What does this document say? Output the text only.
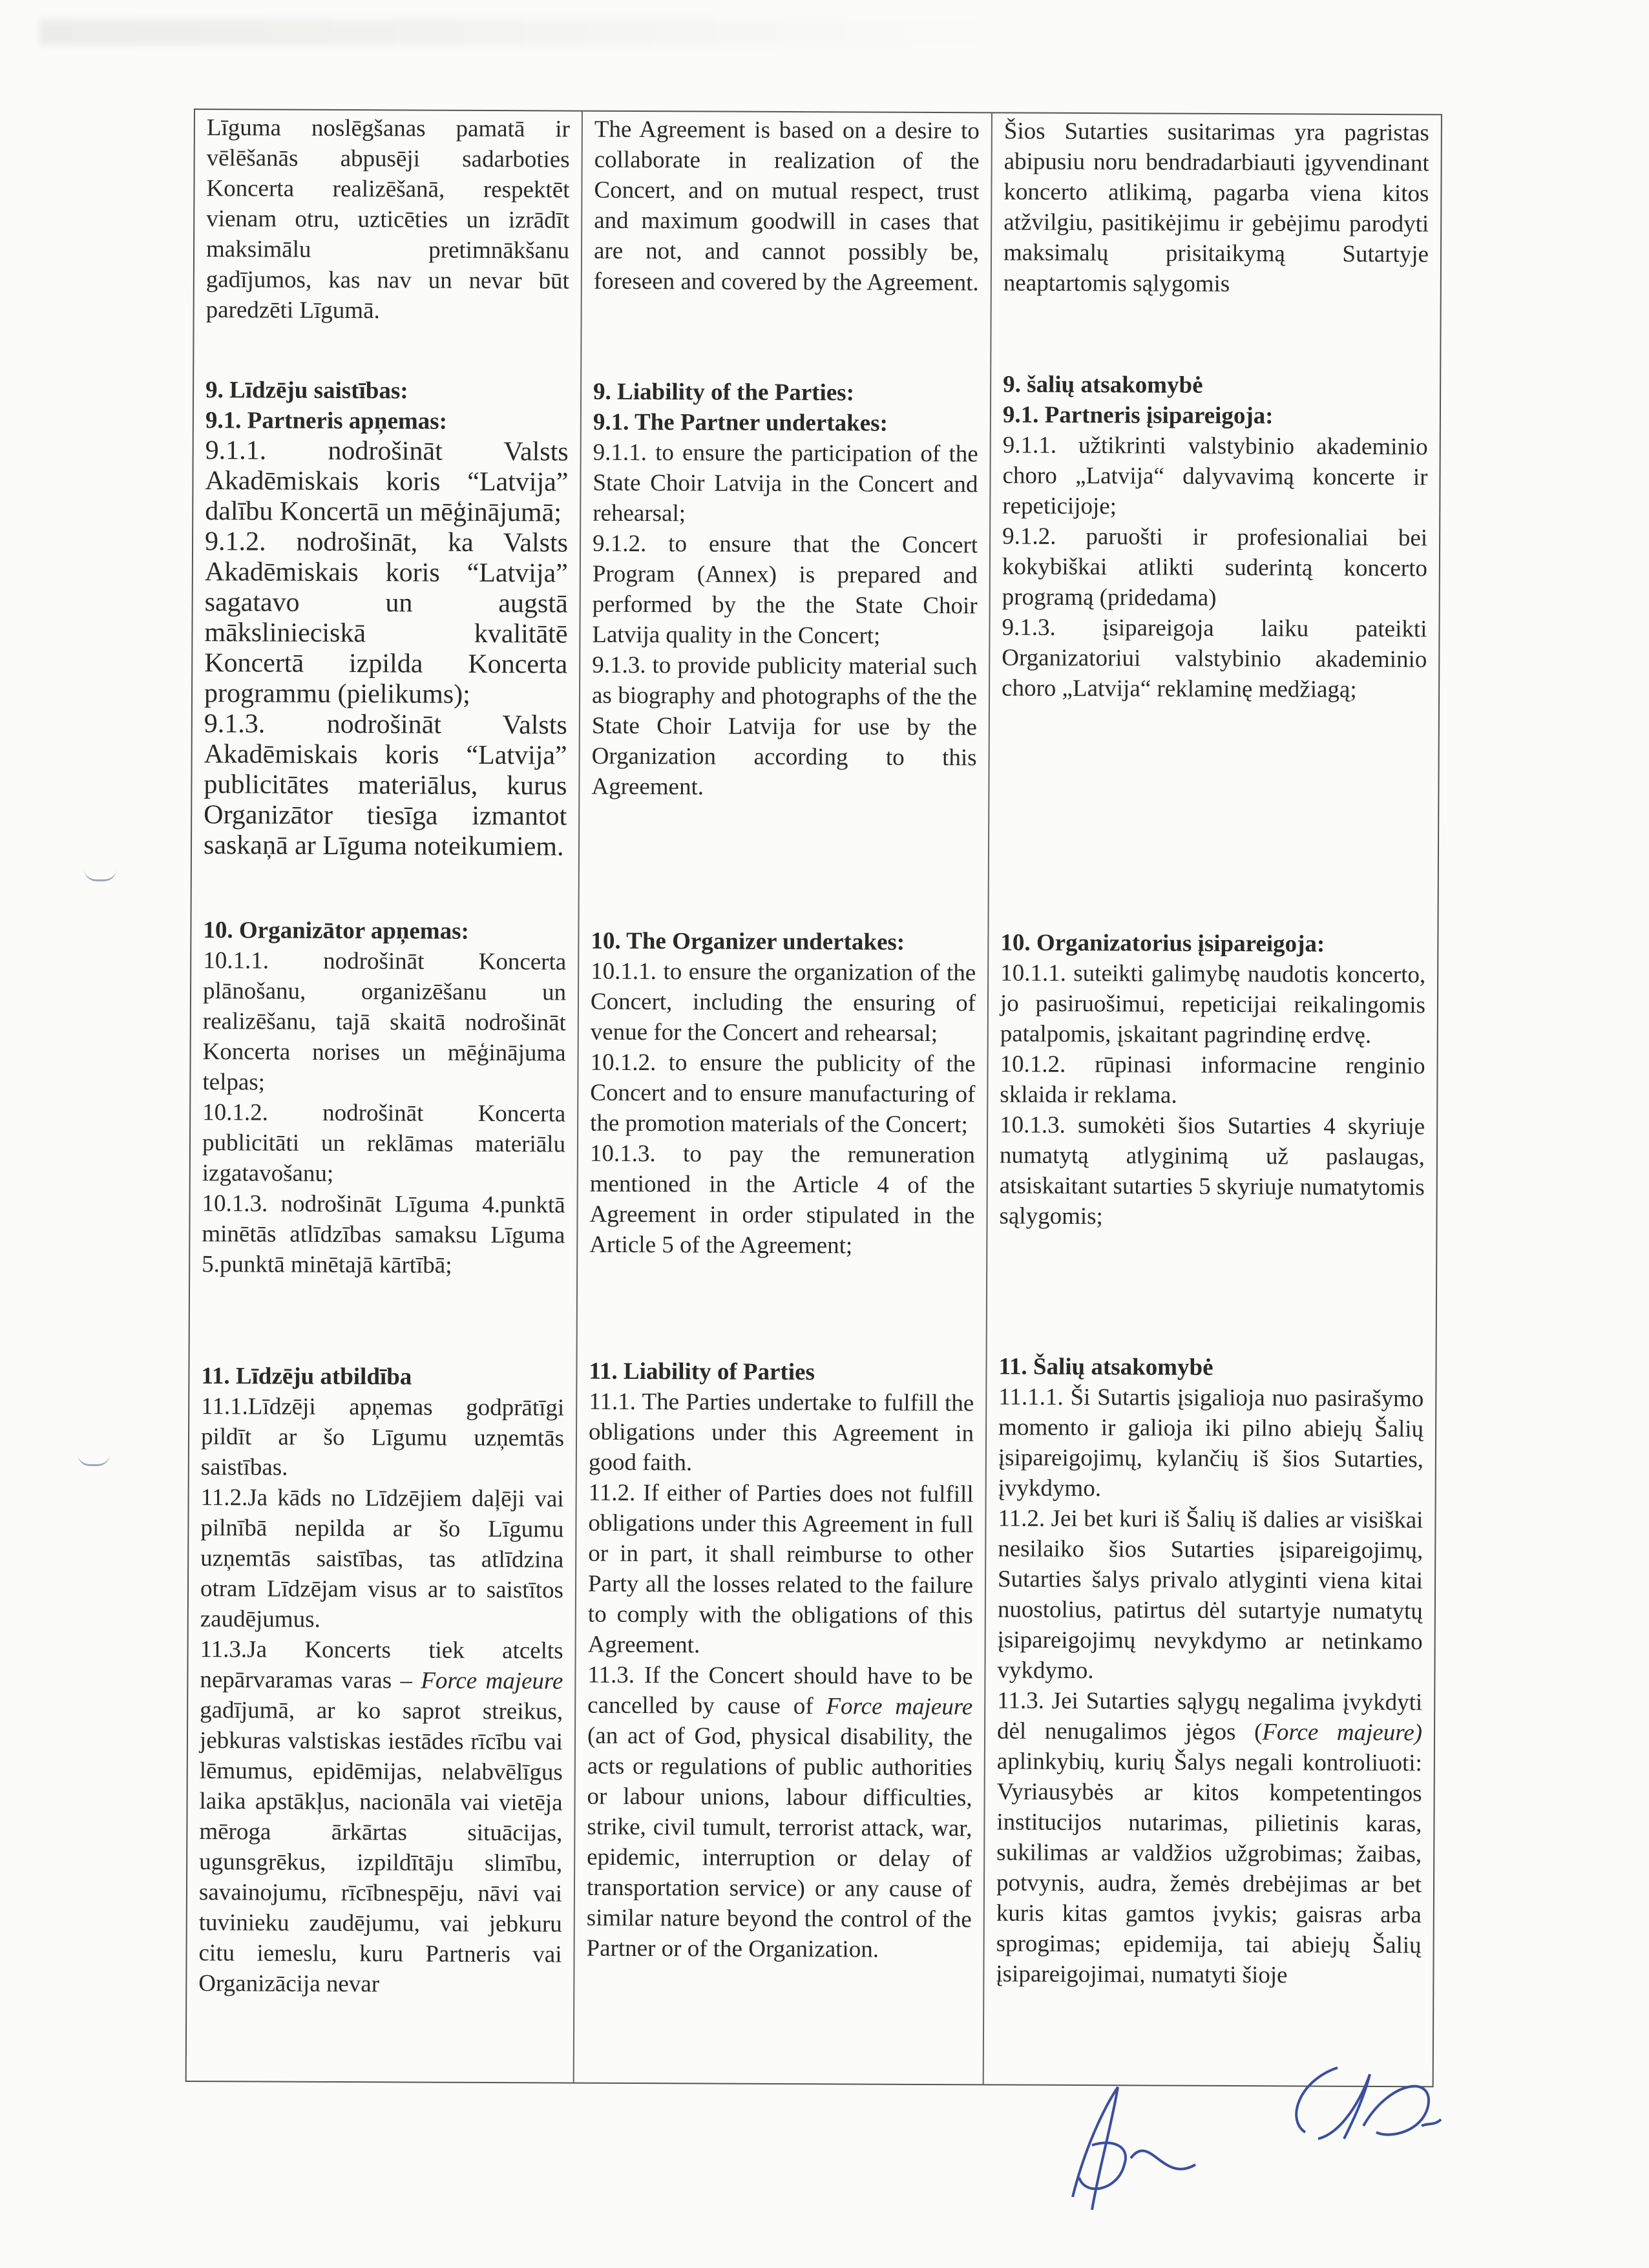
Līguma noslēgšanas pamatā ir vēlēšanās abpusēji sadarboties Koncerta realizēšanā, respektēt vienam otru, uzticēties un izrādīt maksimālu pretimnākšanu gadījumos, kas nav un nevar būt paredzēti Līgumā.

The Agreement is based on a desire to collaborate in realization of the Concert, and on mutual respect, trust and maximum goodwill in cases that are not, and cannot possibly be, foreseen and covered by the Agreement.

Šios Sutarties susitarimas yra pagristas abipusiu noru bendradarbiauti įgyvendinant koncerto atlikimą, pagarba viena kitos atžvilgiu, pasitikėjimu ir gebėjimu parodyti maksimalų prisitaikymą Sutartyje neaptartomis sąlygomis

9. Līdzēju saistības:

9.1. Partneris apņemas:

9.1.1. nodrošināt Valsts Akadēmiskais koris “Latvija” dalību Koncertā un mēģinājumā;

9.1.2. nodrošināt, ka Valsts Akadēmiskais koris “Latvija” sagatavo un augstā mākslinieciskā kvalitātē Koncertā izpilda Koncerta programmu (pielikums);

9.1.3. nodrošināt Valsts Akadēmiskais koris “Latvija” publicitātes materiālus, kurus Organizātor tiesīga izmantot saskaņā ar Līguma noteikumiem.

9. Liability of the Parties:

9.1. The Partner undertakes:

9.1.1. to ensure the participation of the State Choir Latvija in the Concert and rehearsal;

9.1.2. to ensure that the Concert Program (Annex) is prepared and performed by the the State Choir Latvija quality in the Concert;

9.1.3. to provide publicity material such as biography and photographs of the the State Choir Latvija for use by the Organization according to this Agreement.

9. šalių atsakomybė

9.1. Partneris įsipareigoja:

9.1.1. užtikrinti valstybinio akademinio choro „Latvija“ dalyvavimą koncerte ir repeticijoje;

9.1.2. paruošti ir profesionaliai bei kokybiškai atlikti suderintą koncerto programą (pridedama)

9.1.3. įsipareigoja laiku pateikti Organizatoriui valstybinio akademinio choro „Latvija“ reklaminę medžiagą;

10. Organizātor apņemas:

10.1.1. nodrošināt Koncerta plānošanu, organizēšanu un realizēšanu, tajā skaitā nodrošināt Koncerta norises un mēģinājuma telpas;

10.1.2. nodrošināt Koncerta publicitāti un reklāmas materiālu izgatavošanu;

10.1.3. nodrošināt Līguma 4.punktā minētās atlīdzības samaksu Līguma 5.punktā minētajā kārtībā;

10. The Organizer undertakes:

10.1.1. to ensure the organization of the Concert, including the ensuring of venue for the Concert and rehearsal;

10.1.2. to ensure the publicity of the Concert and to ensure manufacturing of the promotion materials of the Concert;

10.1.3. to pay the remuneration mentioned in the Article 4 of the Agreement in order stipulated in the Article 5 of the Agreement;

10. Organizatorius įsipareigoja:

10.1.1. suteikti galimybę naudotis koncerto, jo pasiruošimui, repeticijai reikalingomis patalpomis, įskaitant pagrindinę erdvę.

10.1.2. rūpinasi informacine renginio sklaida ir reklama.

10.1.3. sumokėti šios Sutarties 4 skyriuje numatytą atlyginimą už paslaugas, atsiskaitant sutarties 5 skyriuje numatytomis sąlygomis;

11. Līdzēju atbildība

11.1.Līdzēji apņemas godprātīgi pildīt ar šo Līgumu uzņemtās saistības.

11.2.Ja kāds no Līdzējiem daļēji vai pilnībā nepilda ar šo Līgumu uzņemtās saistības, tas atlīdzina otram Līdzējam visus ar to saistītos zaudējumus.

11.3.Ja Koncerts tiek atcelts nepārvaramas varas – Force majeure gadījumā, ar ko saprot streikus, jebkuras valstiskas iestādes rīcību vai lēmumus, epidēmijas, nelabvēlīgus laika apstākļus, nacionāla vai vietēja mēroga ārkārtas situācijas, ugunsgrēkus, izpildītāju slimību, savainojumu, rīcībnespēju, nāvi vai tuvinieku zaudējumu, vai jebkuru citu iemeslu, kuru Partneris vai Organizācija nevar

11. Liability of Parties

11.1. The Parties undertake to fulfill the obligations under this Agreement in good faith.

11.2. If either of Parties does not fulfill obligations under this Agreement in full or in part, it shall reimburse to other Party all the losses related to the failure to comply with the obligations of this Agreement.

11.3. If the Concert should have to be cancelled by cause of Force majeure (an act of God, physical disability, the acts or regulations of public authorities or labour unions, labour difficulties, strike, civil tumult, terrorist attack, war, epidemic, interruption or delay of transportation service) or any cause of similar nature beyond the control of the Partner or of the Organization.

11. Šalių atsakomybė

11.1.1. Ši Sutartis įsigalioja nuo pasirašymo momento ir galioja iki pilno abiejų Šalių įsipareigojimų, kylančių iš šios Sutarties, įvykdymo.

11.2. Jei bet kuri iš Šalių iš dalies ar visiškai nesilaiko šios Sutarties įsipareigojimų, Sutarties šalys privalo atlyginti viena kitai nuostolius, patirtus dėl sutartyje numatytų įsipareigojimų nevykdymo ar netinkamo vykdymo.

11.3. Jei Sutarties sąlygų negalima įvykdyti dėl nenugalimos jėgos (Force majeure) aplinkybių, kurių Šalys negali kontroliuoti: Vyriausybės ar kitos kompetentingos institucijos nutarimas, pilietinis karas, sukilimas ar valdžios užgrobimas; žaibas, potvynis, audra, žemės drebėjimas ar bet kuris kitas gamtos įvykis; gaisras arba sprogimas; epidemija, tai abiejų Šalių įsipareigojimai, numatyti šioje
